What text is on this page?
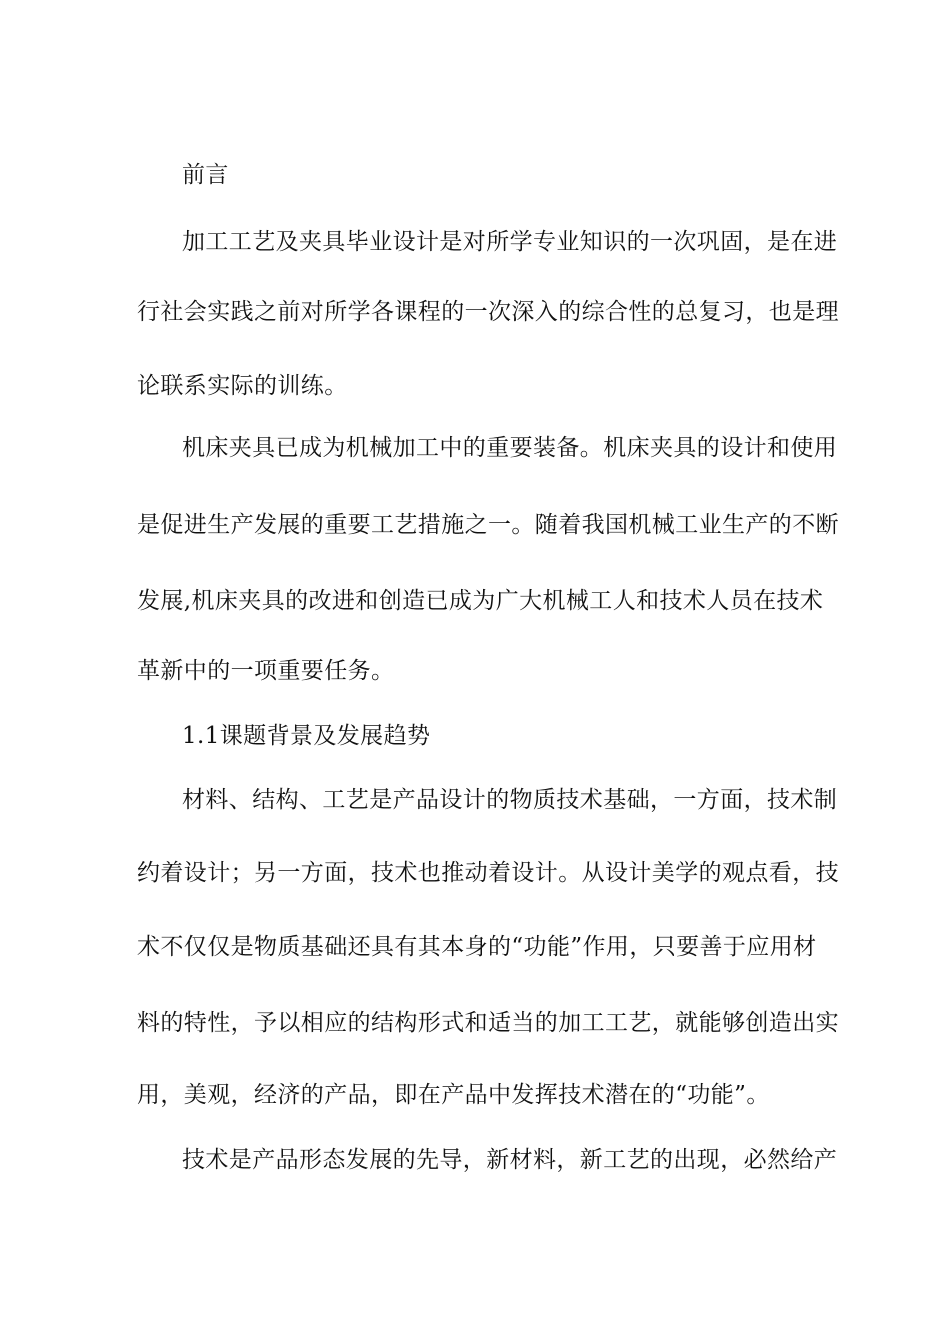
前言
加工工艺及夹具毕业设计是对所学专业知识的一次巩固，是在进
行社会实践之前对所学各课程的一次深入的综合性的总复习，也是理
论联系实际的训练。
机床夹具已成为机械加工中的重要装备。机床夹具的设计和使用
是促进生产发展的重要工艺措施之一。随着我国机械工业生产的不断
发展,机床夹具的改进和创造已成为广大机械工人和技术人员在技术
革新中的一项重要任务。
1.1课题背景及发展趋势
材料、结构、工艺是产品设计的物质技术基础，一方面，技术制
约着设计；另一方面，技术也推动着设计。从设计美学的观点看，技
术不仅仅是物质基础还具有其本身的“功能”作用，只要善于应用材
料的特性，予以相应的结构形式和适当的加工工艺，就能够创造出实
用，美观，经济的产品，即在产品中发挥技术潜在的“功能”。
技术是产品形态发展的先导，新材料，新工艺的出现，必然给产
